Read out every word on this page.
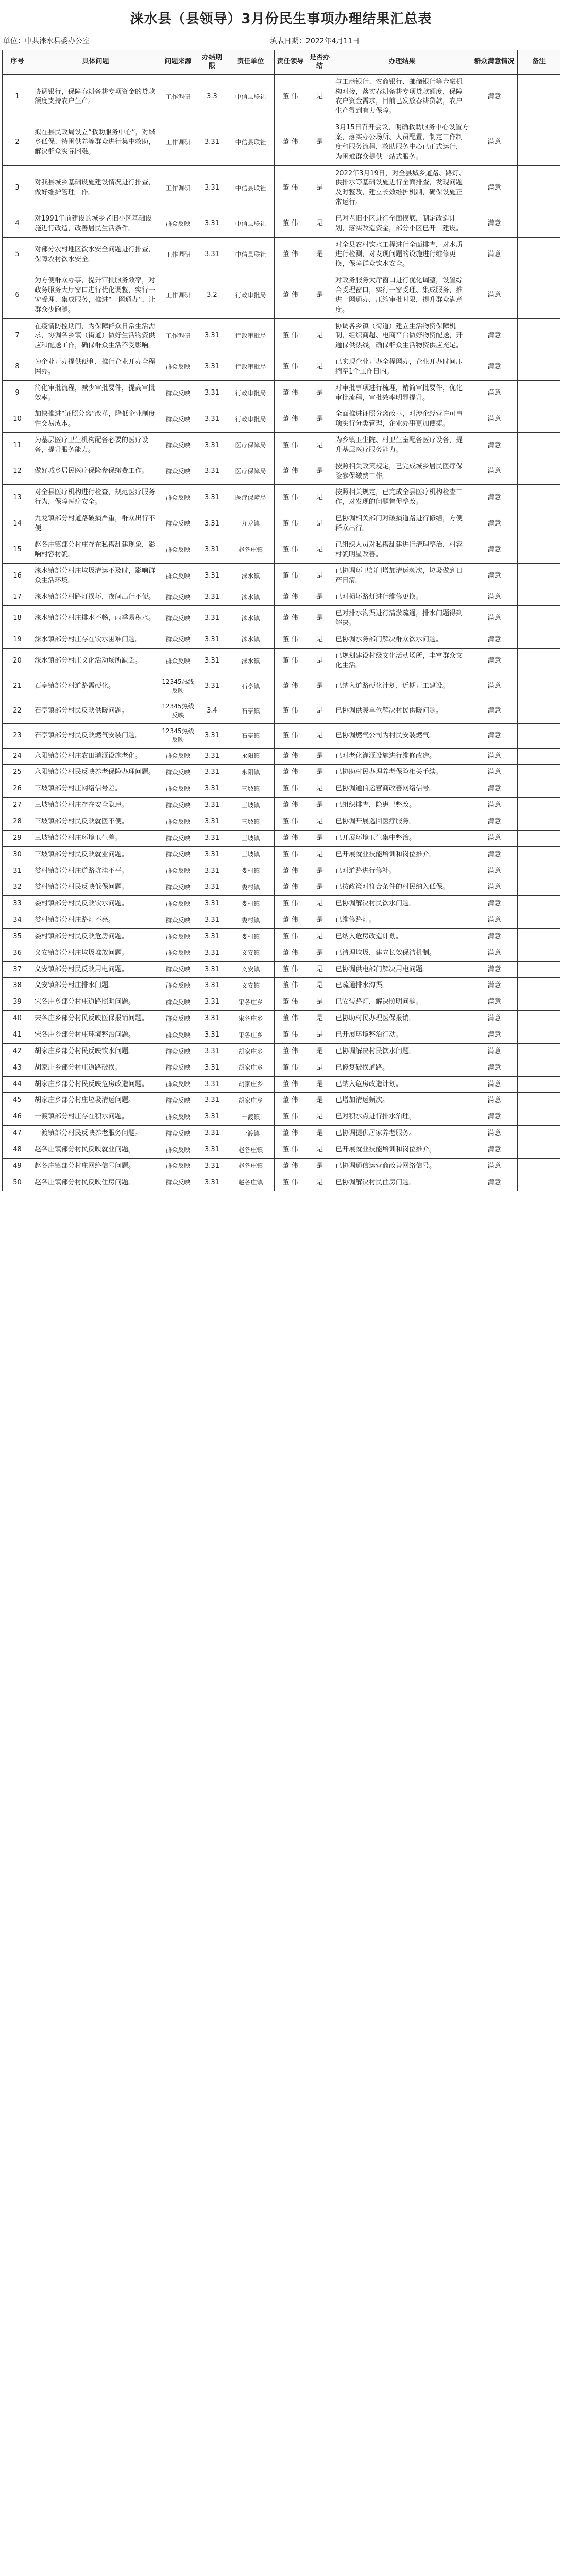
涞水县（县领导）3月份民生事项办理结果汇总表
单位：中共涞水县委办公室	填表日期：2022年4月11日
序号	具体问题	问题来源	办结期限	责任单位	责任领导	是否办结	办理结果	群众满意情况	备注
1	协调银行，保障春耕备耕专项资金的贷款额度支持农户生产。	工作调研	3.3	中信县联社	董 伟	是	与工商银行、农商银行、邮储银行等金融机构对接，落实春耕备耕专项贷款额度，保障农户资金需求，目前已发放春耕贷款，农户生产得到有力保障。	满意	
2	拟在县民政局设立“救助服务中心”，对城乡低保、特困供养等群众进行集中救助，解决群众实际困难。	工作调研	3.31	中信县联社	董 伟	是	3月15日召开会议，明确救助服务中心设置方案，落实办公场所、人员配置，制定工作制度和服务流程，救助服务中心已正式运行，为困难群众提供一站式服务。	满意	
3	对我县城乡基础设施建设情况进行排查，做好维护管理工作。	工作调研	3.31	中信县联社	董 伟	是	2022年3月19日，对全县城乡道路、路灯、供排水等基础设施进行全面排查，发现问题及时整改，建立长效维护机制，确保设施正常运行。	满意	
4	对1991年前建设的城乡老旧小区基础设施进行改造，改善居民生活条件。	群众反映	3.31	中信县联社	董 伟	是	已对老旧小区进行全面摸底，制定改造计划，落实改造资金，部分小区已开工建设。	满意	
5	对部分农村地区饮水安全问题进行排查，保障农村饮水安全。	工作调研	3.31	中信县联社	董 伟	是	对全县农村饮水工程进行全面排查，对水质进行检测，对发现问题的设施进行维修更换，保障群众饮水安全。	满意	
6	为方便群众办事，提升审批服务效率，对政务服务大厅窗口进行优化调整，实行一窗受理、集成服务，推进“一网通办”，让群众少跑腿。	工作调研	3.2	行政审批局	董 伟	是	对政务服务大厅窗口进行优化调整，设置综合受理窗口，实行一窗受理、集成服务，推进一网通办，压缩审批时限，提升群众满意度。	满意	
7	在疫情防控期间，为保障群众日常生活需求，协调各乡镇（街道）做好生活物资供应和配送工作，确保群众生活不受影响。	工作调研	3.31	行政审批局	董 伟	是	协调各乡镇（街道）建立生活物资保障机制，组织商超、电商平台做好物资配送，开通保供热线，确保群众生活物资供应充足。	满意	
8	为企业开办提供便利，推行企业开办全程网办。	群众反映	3.31	行政审批局	董 伟	是	已实现企业开办全程网办，企业开办时间压缩至1个工作日内。	满意	
9	简化审批流程，减少审批要件，提高审批效率。	群众反映	3.31	行政审批局	董 伟	是	对审批事项进行梳理，精简审批要件，优化审批流程，审批效率明显提升。	满意	
10	加快推进“证照分离”改革，降低企业制度性交易成本。	群众反映	3.31	行政审批局	董 伟	是	全面推进证照分离改革，对涉企经营许可事项实行分类管理，企业办事更加便捷。	满意	
11	为基层医疗卫生机构配备必要的医疗设备，提升服务能力。	群众反映	3.31	医疗保障局	董 伟	是	为乡镇卫生院、村卫生室配备医疗设备，提升基层医疗服务能力。	满意	
12	做好城乡居民医疗保险参保缴费工作。	群众反映	3.31	医疗保障局	董 伟	是	按照相关政策规定，已完成城乡居民医疗保险参保缴费工作。	满意	
13	对全县医疗机构进行检查，规范医疗服务行为，保障医疗安全。	群众反映	3.31	医疗保障局	董 伟	是	按照相关规定，已完成全县医疗机构检查工作，对发现的问题督促整改。	满意	
14	九龙镇部分村道路破损严重，群众出行不便。	群众反映	3.31	九龙镇	董 伟	是	已协调相关部门对破损道路进行修缮，方便群众出行。	满意	
15	赵各庄镇部分村庄存在私搭乱建现象，影响村容村貌。	群众反映	3.31	赵各庄镇	董 伟	是	已组织人员对私搭乱建进行清理整治，村容村貌明显改善。	满意	
16	涞水镇部分村庄垃圾清运不及时，影响群众生活环境。	群众反映	3.31	涞水镇	董 伟	是	已协调环卫部门增加清运频次，垃圾做到日产日清。	满意	
17	涞水镇部分村路灯损坏，夜间出行不便。	群众反映	3.31	涞水镇	董 伟	是	已对损坏路灯进行维修更换。	满意	
18	涞水镇部分村庄排水不畅，雨季易积水。	群众反映	3.31	涞水镇	董 伟	是	已对排水沟渠进行清淤疏通，排水问题得到解决。	满意	
19	涞水镇部分村庄存在饮水困难问题。	群众反映	3.31	涞水镇	董 伟	是	已协调水务部门解决群众饮水问题。	满意	
20	涞水镇部分村庄文化活动场所缺乏。	群众反映	3.31	涞水镇	董 伟	是	已规划建设村级文化活动场所，丰富群众文化生活。	满意	
21	石亭镇部分村道路需硬化。	12345热线反映	3.31	石亭镇	董 伟	是	已纳入道路硬化计划，近期开工建设。	满意	
22	石亭镇部分村民反映供暖问题。	12345热线反映	3.4	石亭镇	董 伟	是	已协调供暖单位解决村民供暖问题。	满意	
23	石亭镇部分村民反映燃气安装问题。	12345热线反映	3.31	石亭镇	董 伟	是	已协调燃气公司为村民安装燃气。	满意	
24	永阳镇部分村庄农田灌溉设施老化。	群众反映	3.31	永阳镇	董 伟	是	已对老化灌溉设施进行维修改造。	满意	
25	永阳镇部分村民反映养老保险办理问题。	群众反映	3.31	永阳镇	董 伟	是	已协助村民办理养老保险相关手续。	满意	
26	三坡镇部分村庄网络信号差。	群众反映	3.31	三坡镇	董 伟	是	已协调通信运营商改善网络信号。	满意	
27	三坡镇部分村庄存在安全隐患。	群众反映	3.31	三坡镇	董 伟	是	已组织排查，隐患已整改。	满意	
28	三坡镇部分村民反映就医不便。	群众反映	3.31	三坡镇	董 伟	是	已协调开展巡回医疗服务。	满意	
29	三坡镇部分村庄环境卫生差。	群众反映	3.31	三坡镇	董 伟	是	已开展环境卫生集中整治。	满意	
30	三坡镇部分村民反映就业问题。	群众反映	3.31	三坡镇	董 伟	是	已开展就业技能培训和岗位推介。	满意	
31	娄村镇部分村庄道路坑洼不平。	群众反映	3.31	娄村镇	董 伟	是	已对道路进行修补。	满意	
32	娄村镇部分村民反映低保问题。	群众反映	3.31	娄村镇	董 伟	是	已按政策对符合条件的村民纳入低保。	满意	
33	娄村镇部分村民反映饮水问题。	群众反映	3.31	娄村镇	董 伟	是	已协调解决村民饮水问题。	满意	
34	娄村镇部分村庄路灯不亮。	群众反映	3.31	娄村镇	董 伟	是	已维修路灯。	满意	
35	娄村镇部分村民反映危房问题。	群众反映	3.31	娄村镇	董 伟	是	已纳入危房改造计划。	满意	
36	义安镇部分村庄垃圾堆放问题。	群众反映	3.31	义安镇	董 伟	是	已清理垃圾，建立长效保洁机制。	满意	
37	义安镇部分村民反映用电问题。	群众反映	3.31	义安镇	董 伟	是	已协调供电部门解决用电问题。	满意	
38	义安镇部分村庄排水问题。	群众反映	3.31	义安镇	董 伟	是	已疏通排水沟渠。	满意	
39	宋各庄乡部分村庄道路照明问题。	群众反映	3.31	宋各庄乡	董 伟	是	已安装路灯，解决照明问题。	满意	
40	宋各庄乡部分村民反映医保报销问题。	群众反映	3.31	宋各庄乡	董 伟	是	已协助村民办理医保报销。	满意	
41	宋各庄乡部分村庄环境整治问题。	群众反映	3.31	宋各庄乡	董 伟	是	已开展环境整治行动。	满意	
42	胡家庄乡部分村民反映饮水问题。	群众反映	3.31	胡家庄乡	董 伟	是	已协调解决村民饮水问题。	满意	
43	胡家庄乡部分村庄道路破损。	群众反映	3.31	胡家庄乡	董 伟	是	已修复破损道路。	满意	
44	胡家庄乡部分村民反映危房改造问题。	群众反映	3.31	胡家庄乡	董 伟	是	已纳入危房改造计划。	满意	
45	胡家庄乡部分村庄垃圾清运问题。	群众反映	3.31	胡家庄乡	董 伟	是	已增加清运频次。	满意	
46	一渡镇部分村庄存在积水问题。	群众反映	3.31	一渡镇	董 伟	是	已对积水点进行排水治理。	满意	
47	一渡镇部分村民反映养老服务问题。	群众反映	3.31	一渡镇	董 伟	是	已协调提供居家养老服务。	满意	
48	赵各庄镇部分村民反映就业问题。	群众反映	3.31	赵各庄镇	董 伟	是	已开展就业技能培训和岗位推介。	满意	
49	赵各庄镇部分村庄网络信号问题。	群众反映	3.31	赵各庄镇	董 伟	是	已协调通信运营商改善网络信号。	满意	
50	赵各庄镇部分村民反映住房问题。	群众反映	3.31	赵各庄镇	董 伟	是	已协调解决村民住房问题。	满意	
